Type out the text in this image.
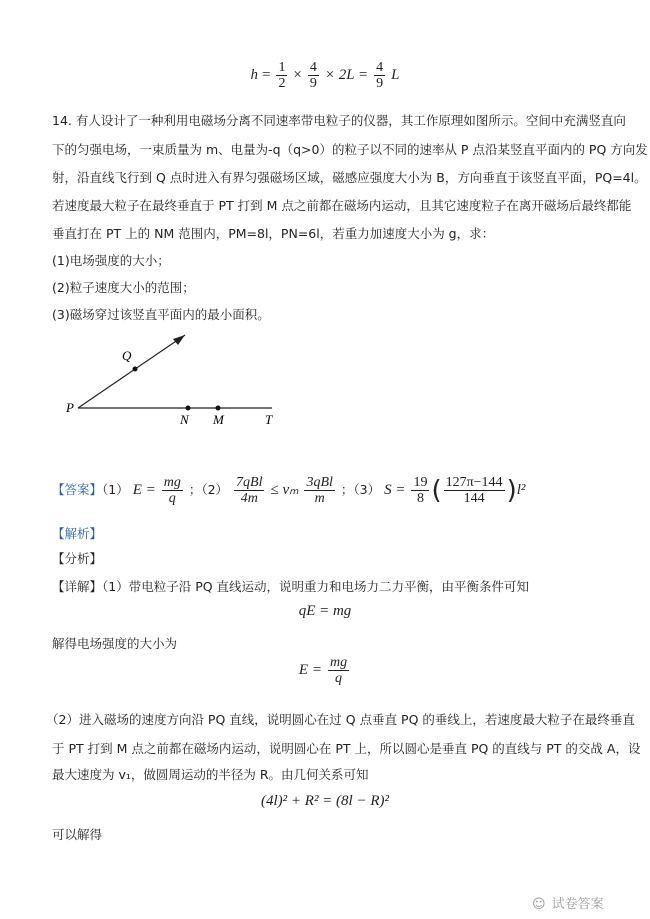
$h = \frac{1}{2} \times \frac{4}{9} \times 2L = \frac{4}{9}$ L
14. 有人设计了一种利用电磁场分离不同速率带电粒子的仪器，其工作原理如图所示。空间中充满竖直向
下的匀强电场，一束质量为 m、电量为-q（q>0）的粒子以不同的速率从 P 点沿某竖直平面内的 PQ 方向发
射，沿直线飞行到 Q 点时进入有界匀强磁场区域，磁感应强度大小为 B，方向垂直于该竖直平面，PQ=4l。
若速度最大粒子在最终垂直于 PT 打到 M 点之前都在磁场内运动，且其它速度粒子在离开磁场后最终都能
垂直打在 PT 上的 NM 范围内，PM=8l，PN=6l，若重力加速度大小为 g，求：
(1)电场强度的大小；
(2)粒子速度大小的范围；
(3)磁场穿过该竖直平面内的最小面积。
P
Q
N M	T
【答案】（1） $E = \frac{mg}{q}$ ；（2） 7qBl
4m
≤ vₘ 3qBl
m
；（3） $S = \frac{19}{8}$ ( $\frac{127\pi-144}{144} )l^2$
【解析】
【分析】
【详解】（1）带电粒子沿 PQ 直线运动，说明重力和电场力二力平衡，由平衡条件可知
qE = mg
解得电场强度的大小为
$E = \frac{mg}{q}$
（2）进入磁场的速度方向沿 PQ 直线，说明圆心在过 Q 点垂直 PQ 的垂线上，若速度最大粒子在最终垂直
于 PT 打到 M 点之前都在磁场内运动，说明圆心在 PT 上，所以圆心是垂直 PQ 的直线与 PT 的交战 A，设
最大速度为 v₁，做圆周运动的半径为 R。由几何关系可知
(4l)² + R² = (8l − R)²
可以解得
☺ 试卷答案
